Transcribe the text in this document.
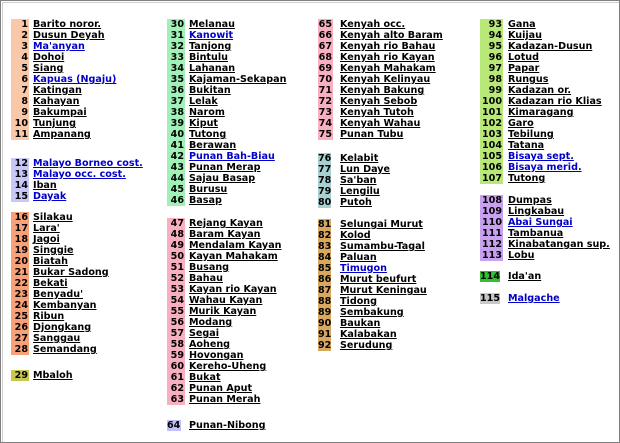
1 Barito noror.
2 Dusun Deyah
3 Ma'anyan
4 Dohoi
5 Siang
6 Kapuas (Ngaju)
7 Katingan
8 Kahayan
9 Bakumpai
10 Tunjung
11 Ampanang
12 Malayo Borneo cost.
13 Malayo occ. cost.
14 Iban
15 Dayak
16 Silakau
17 Lara'
18 Jagoi
19 Singgie
20 Biatah
21 Bukar Sadong
22 Bekati
23 Benyadu'
24 Kembanyan
25 Ribun
26 Djongkang
27 Sanggau
28 Semandang
29 Mbaloh
30 Melanau
31 Kanowit
32 Tanjong
33 Bintulu
34 Lahanan
35 Kajaman-Sekapan
36 Bukitan
37 Lelak
38 Narom
39 Kiput
40 Tutong
41 Berawan
42 Punan Bah-Biau
43 Punan Merap
44 Sajau Basap
45 Burusu
46 Basap
47 Rejang Kayan
48 Baram Kayan
49 Mendalam Kayan
50 Kayan Mahakam
51 Busang
52 Bahau
53 Kayan rio Kayan
54 Wahau Kayan
55 Murik Kayan
56 Modang
57 Segai
58 Aoheng
59 Hovongan
60 Kereho-Uheng
61 Bukat
62 Punan Aput
63 Punan Merah
64 Punan-Nibong
65 Kenyah occ.
66 Kenyah alto Baram
67 Kenyah rio Bahau
68 Kenyah rio Kayan
69 Kenyah Mahakam
70 Kenyah Kelinyau
71 Kenyah Bakung
72 Kenyah Sebob
73 Kenyah Tutoh
74 Kenyah Wahau
75 Punan Tubu
76 Kelabit
77 Lun Daye
78 Sa'ban
79 Lengilu
80 Putoh
81 Selungai Murut
82 Kolod
83 Sumambu-Tagal
84 Paluan
85 Timugon
86 Murut beufurt
87 Murut Keningau
88 Tidong
89 Sembakung
90 Baukan
91 Kalabakan
92 Serudung
93 Gana
94 Kuijau
95 Kadazan-Dusun
96 Lotud
97 Papar
98 Rungus
99 Kadazan or.
100 Kadazan rio Klias
101 Kimaragang
102 Garo
103 Tebilung
104 Tatana
105 Bisaya sept.
106 Bisaya merid.
107 Tutong
108 Dumpas
109 Lingkabau
110 Abai Sungai
111 Tambanua
112 Kinabatangan sup.
113 Lobu
114 Ida'an
115 Malgache
